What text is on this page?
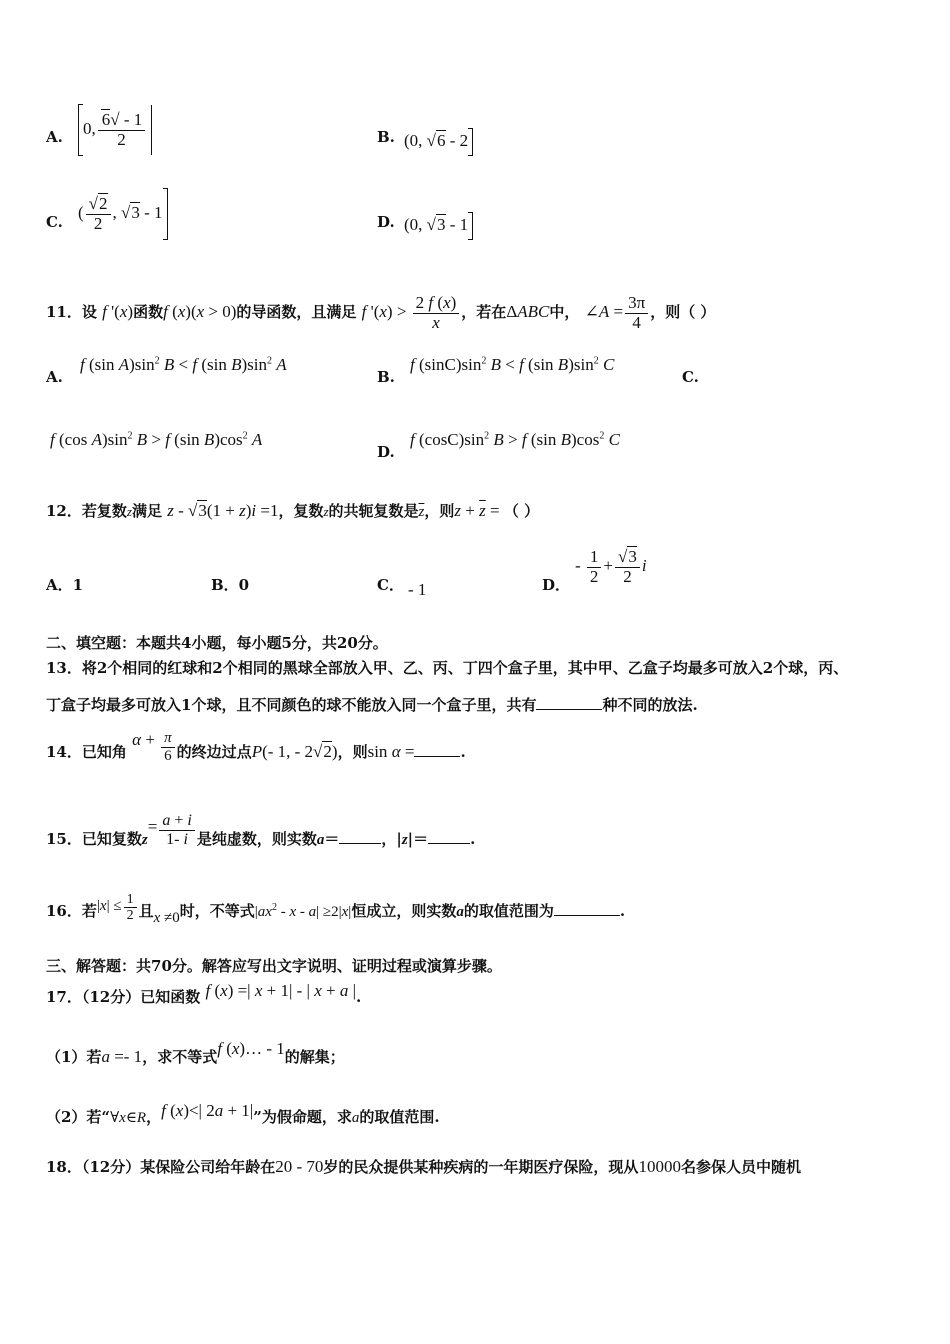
A. 0, $\frac{6√ - 1}{2}$	B. (0, √6 - 2
C.
( $\frac{√2}{2}$ , √3 - 1
D. (0, √3 - 1
11．设 f '(x)函数f (x)(x > 0)的导函数，且满足 f '$(x) > \frac{2 f (x)}{x}$ ，若在ΔABC中， ∠A = $\frac{3\pi}{4}$ ，则（ ）
A.
f (sin $A)\sin^2$ B < f (sin $B)\sin^2$ A
B.
f $(\sin C)\sin^2$ B < f (sin $B)\sin^2$ C
C.
f (cos $A)\sin^2$ B > f (sin $B)\cos^2$ A
D.
f $(\cos C)\sin^2$ B > f (sin $B)\cos^2$ C
12．若复数z满足 z - √3(1 + z)i =1，复数z的共轭复数是$\overline{z}$，则$z + \overline{z}$ = （ ）
A．1	B．0	C． - 1	D．
- $\frac{1}{2} + \frac{√3}{2}$ i
二、填空题：本题共4小题，每小题5分，共20分。
13．将2个相同的红球和2个相同的黑球全部放入甲、乙、丙、丁四个盒子里，其中甲、乙盒子均最多可放入2个球，丙、
丁盒子均最多可放入1个球，且不同颜色的球不能放入同一个盒子里，共有	种不同的放法.
14．已知角 $\alpha + \frac{\pi}{6}$ 的终边过点P(- 1, - 2√2)，则sin α =	.
15．已知复数$z= \frac{a + i}{1- i}$ 是纯虚数，则实数a＝	，|z|＝	.
16．若$|x| \le \frac{1}{2}$ 且x ≠0时，不等式$|ax^2 - x - a| \ge 2|x|$恒成立，则实数a的取值范围为	.
三、解答题：共70分。解答应写出文字说明、证明过程或演算步骤。
17．（12分）已知函数 f (x) =| x + 1| - | x + a |.
（1）若a =- 1，求不等式f (x)… - 1的解集；
（2）若“∀x∈R，f (x)<| 2a + 1|”为假命题，求a的取值范围.
18．（12分）某保险公司给年龄在20 - 70岁的民众提供某种疾病的一年期医疗保险，现从10000名参保人员中随机
